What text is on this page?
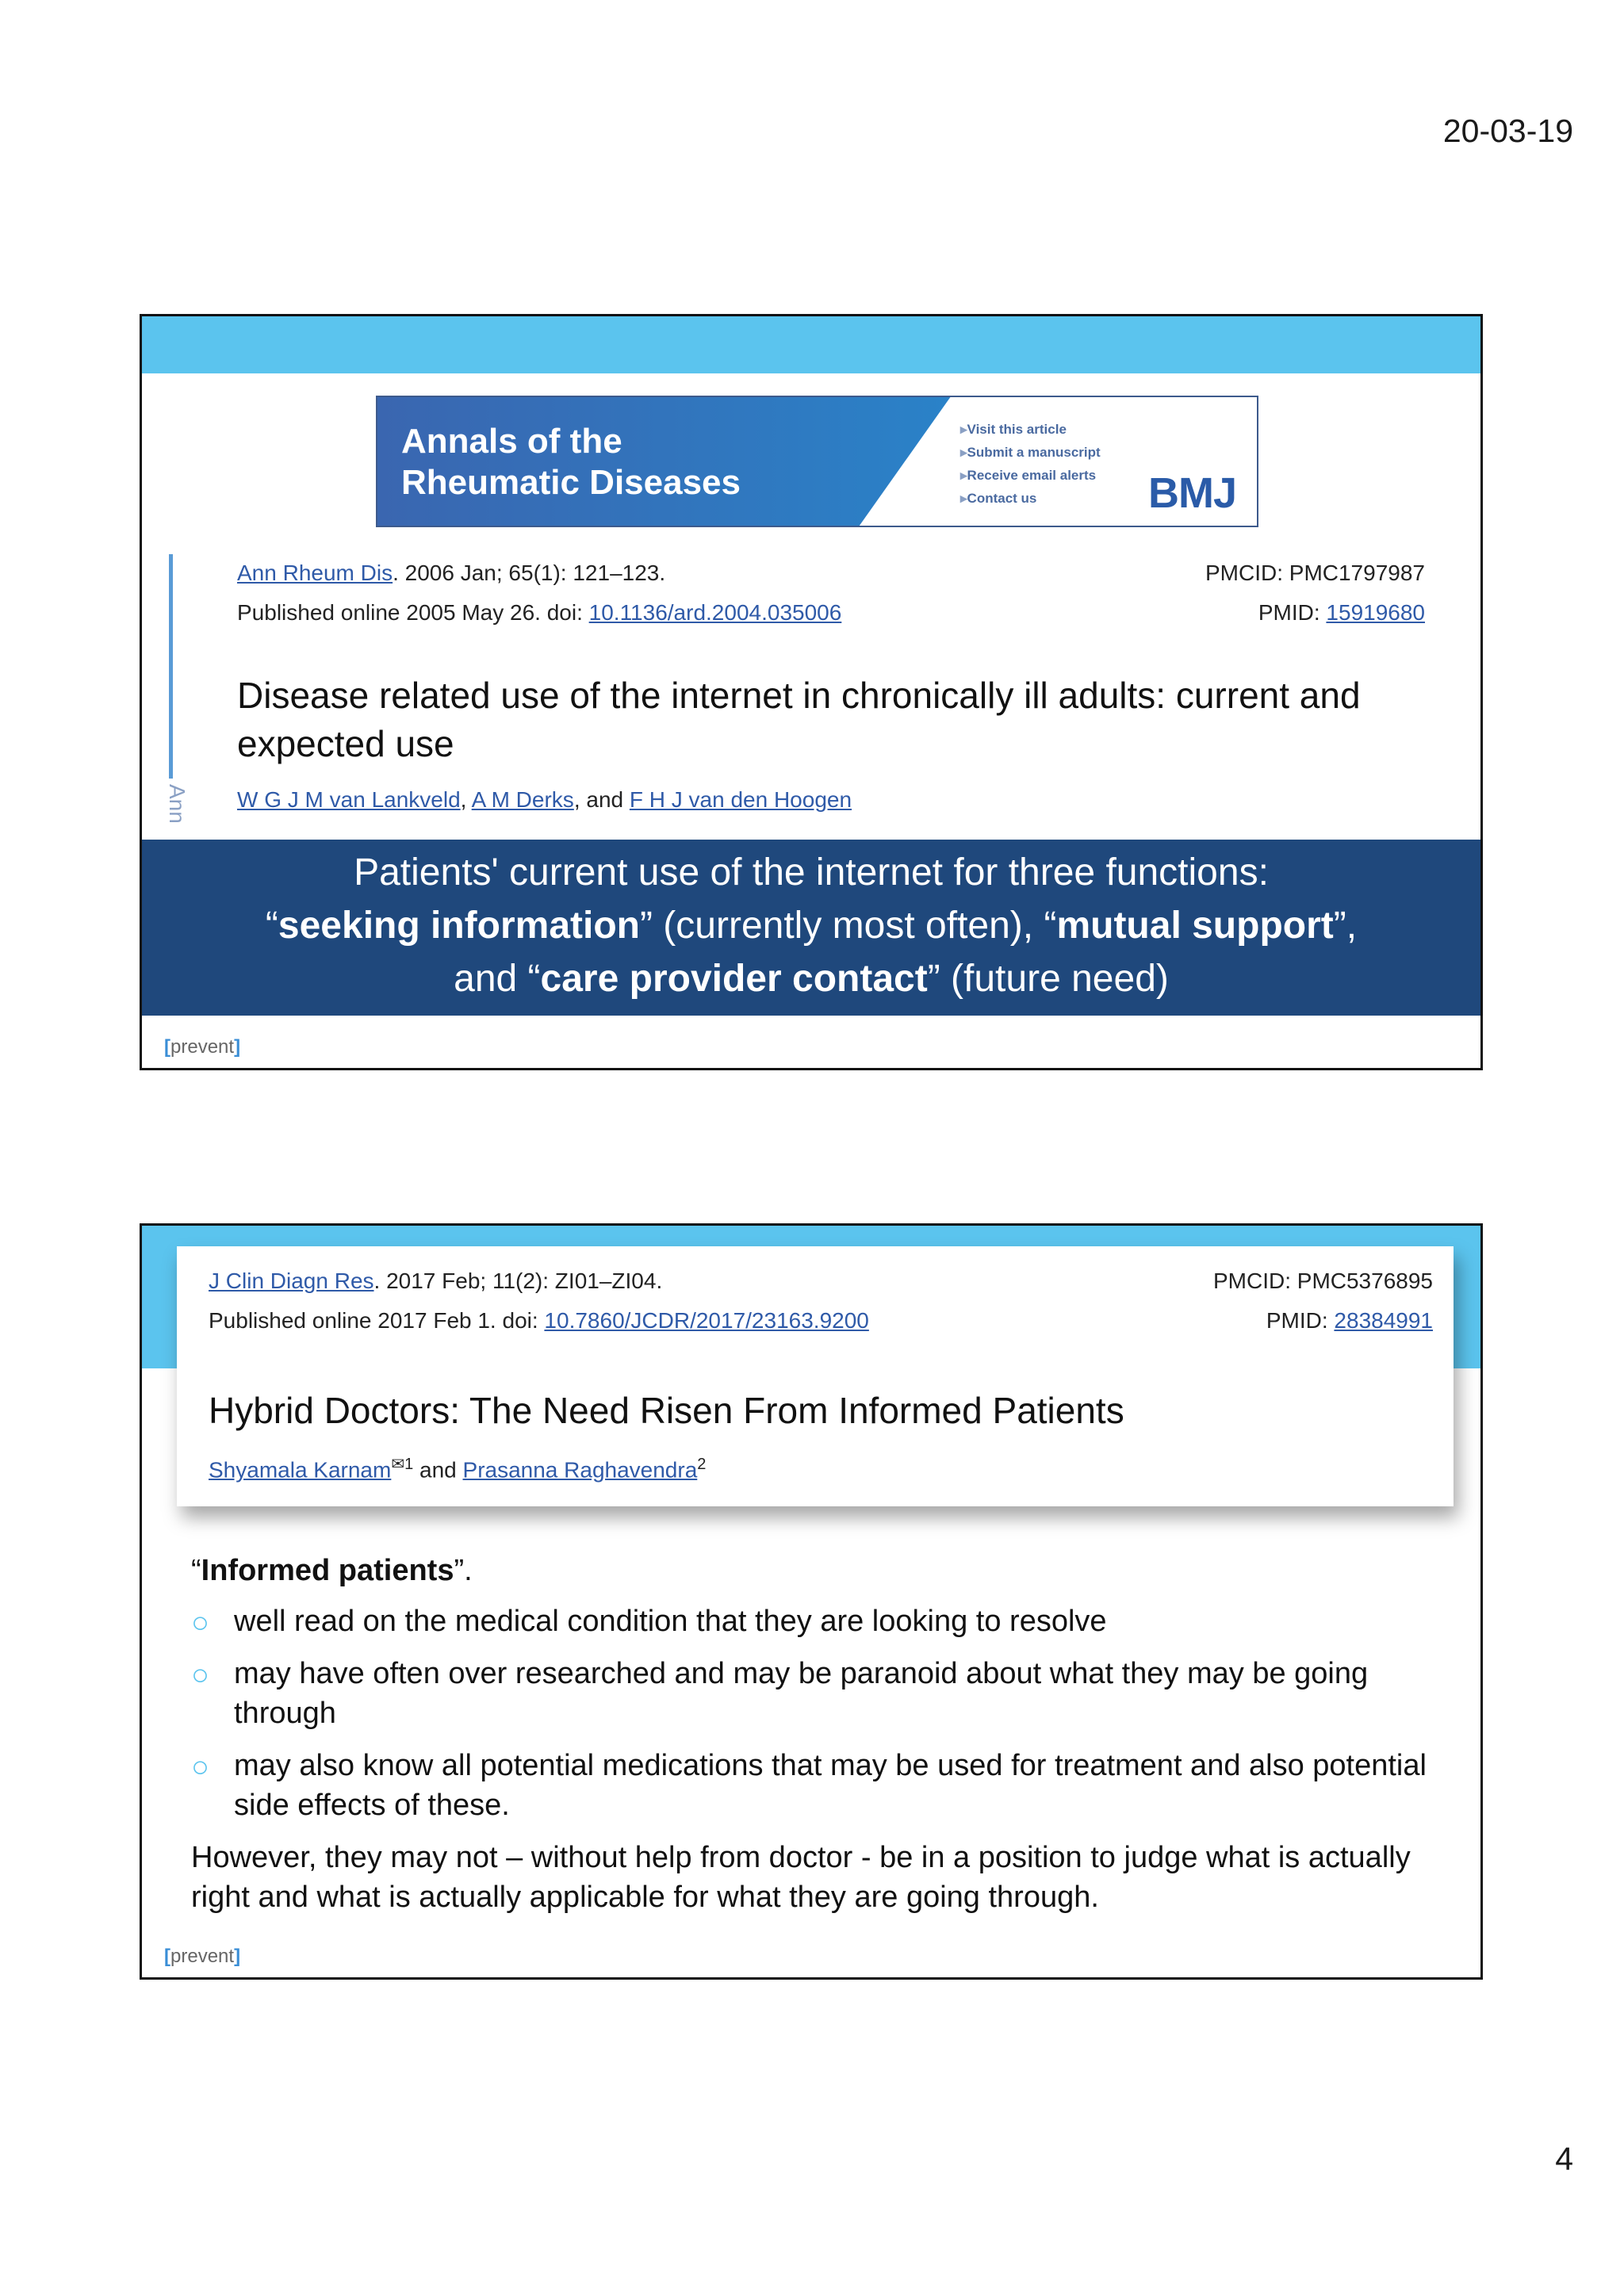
20-03-19
Annals of the
Rheumatic Diseases
▸ Visit this article
▸ Submit a manuscript
▸ Receive email alerts
▸ Contact us	BMJ
Ann
Ann Rheum Dis. 2006 Jan; 65(1): 121–123.
Published online 2005 May 26. doi: 10.1136/ard.2004.035006
PMCID: PMC1797987
PMID: 15919680
Disease related use of the internet in chronically ill adults: current and expected use
W G J M van Lankveld, A M Derks, and F H J van den Hoogen
Patients' current use of the internet for three functions:
“seeking information” (currently most often), “mutual support”,
and “care provider contact” (future need)
[prevent]
J Clin Diagn Res. 2017 Feb; 11(2): ZI01–ZI04.
Published online 2017 Feb 1. doi: 10.7860/JCDR/2017/23163.9200
PMCID: PMC5376895
PMID: 28384991
Hybrid Doctors: The Need Risen From Informed Patients
Shyamala Karnam$^{✉1}$ and Prasanna Raghavendra$^2$
“Informed patients”.
○ well read on the medical condition that they are looking to resolve
○ may have often over researched and may be paranoid about what they may be going through
○ may also know all potential medications that may be used for treatment and also potential side effects of these.
However, they may not – without help from doctor - be in a position to judge what is actually right and what is actually applicable for what they are going through.
[prevent]
4
